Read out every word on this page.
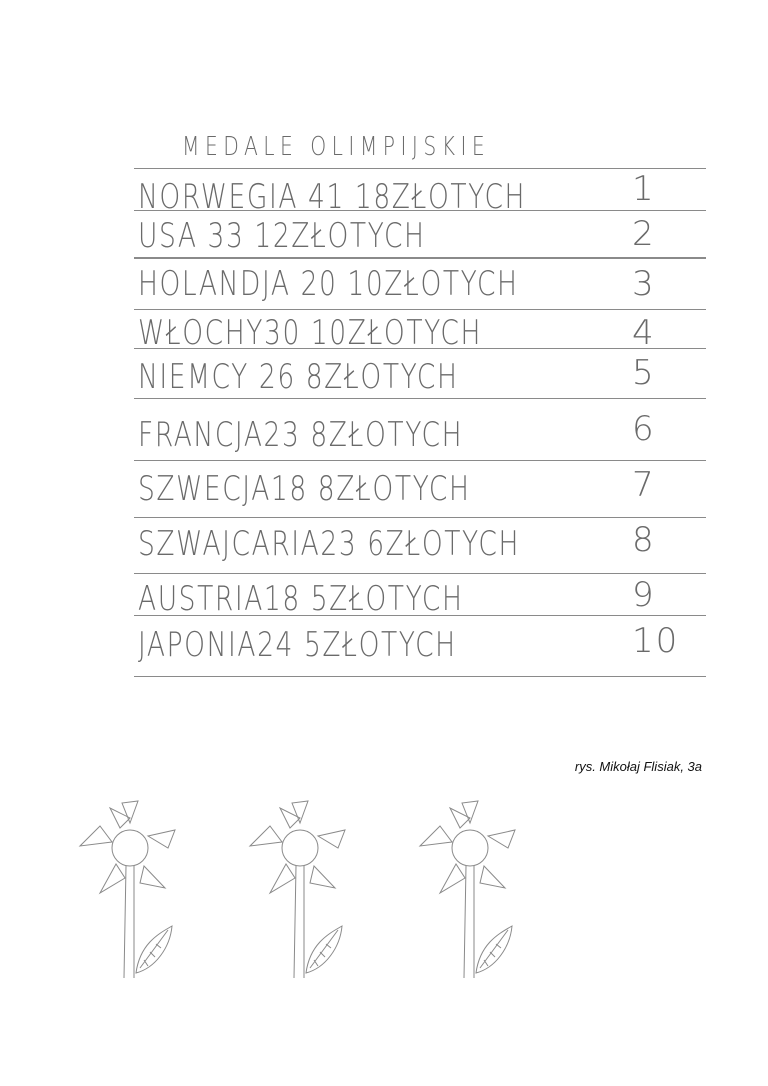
MEDALE OLIMPIJSKIE
NORWEGIA 41 18ZŁOTYCH	1
USA 33 12ZŁOTYCH	2
HOLANDJA 20 10ZŁOTYCH	3
WŁOCHY30 10ZŁOTYCH	4
NIEMCY 26 8ZŁOTYCH	5
FRANCJA23 8ZŁOTYCH	6
SZWECJA18 8ZŁOTYCH	7
SZWAJCARIA23 6ZŁOTYCH	8
AUSTRIA18 5ZŁOTYCH	9
JAPONIA24 5ZŁOTYCH	10
rys. Mikołaj Flisiak, 3a
